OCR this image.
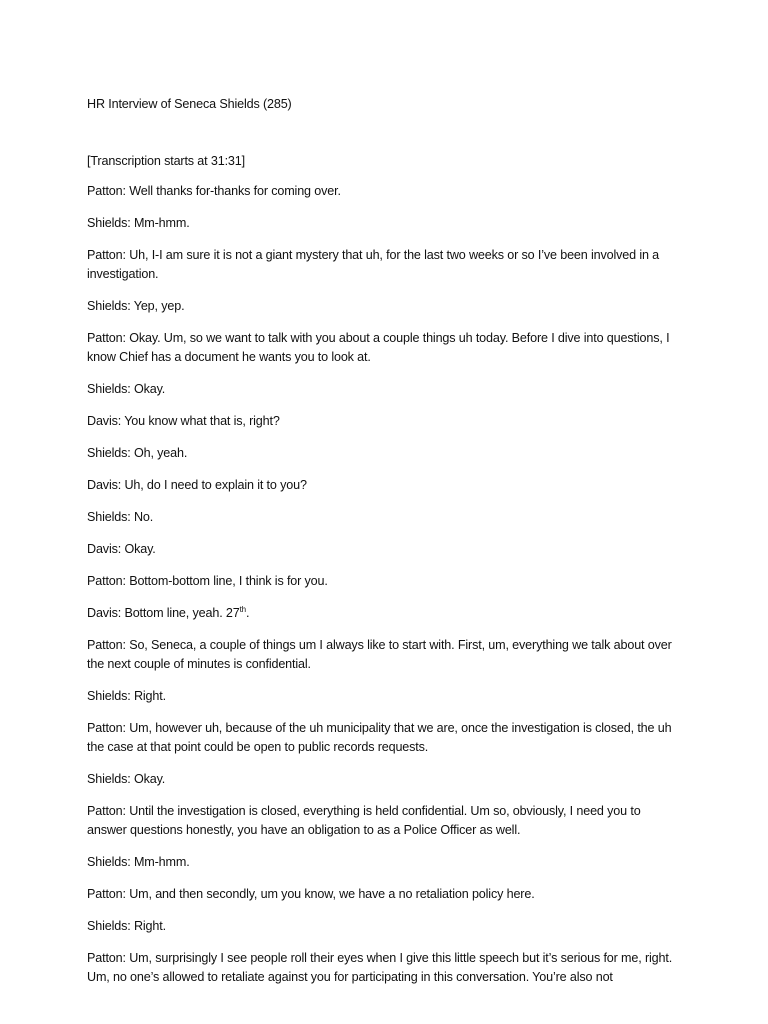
HR Interview of Seneca Shields (285)
[Transcription starts at 31:31]
Patton: Well thanks for-thanks for coming over.
Shields: Mm-hmm.
Patton: Uh, I-I am sure it is not a giant mystery that uh, for the last two weeks or so I’ve been involved in a investigation.
Shields: Yep, yep.
Patton: Okay. Um, so we want to talk with you about a couple things uh today. Before I dive into questions, I know Chief has a document he wants you to look at.
Shields: Okay.
Davis: You know what that is, right?
Shields: Oh, yeah.
Davis: Uh, do I need to explain it to you?
Shields: No.
Davis: Okay.
Patton: Bottom-bottom line, I think is for you.
Davis: Bottom line, yeah. 27th.
Patton: So, Seneca, a couple of things um I always like to start with. First, um, everything we talk about over the next couple of minutes is confidential.
Shields: Right.
Patton: Um, however uh, because of the uh municipality that we are, once the investigation is closed, the uh the case at that point could be open to public records requests.
Shields: Okay.
Patton: Until the investigation is closed, everything is held confidential. Um so, obviously, I need you to answer questions honestly, you have an obligation to as a Police Officer as well.
Shields: Mm-hmm.
Patton: Um, and then secondly, um you know, we have a no retaliation policy here.
Shields: Right.
Patton: Um, surprisingly I see people roll their eyes when I give this little speech but it’s serious for me, right. Um, no one’s allowed to retaliate against you for participating in this conversation. You’re also not
